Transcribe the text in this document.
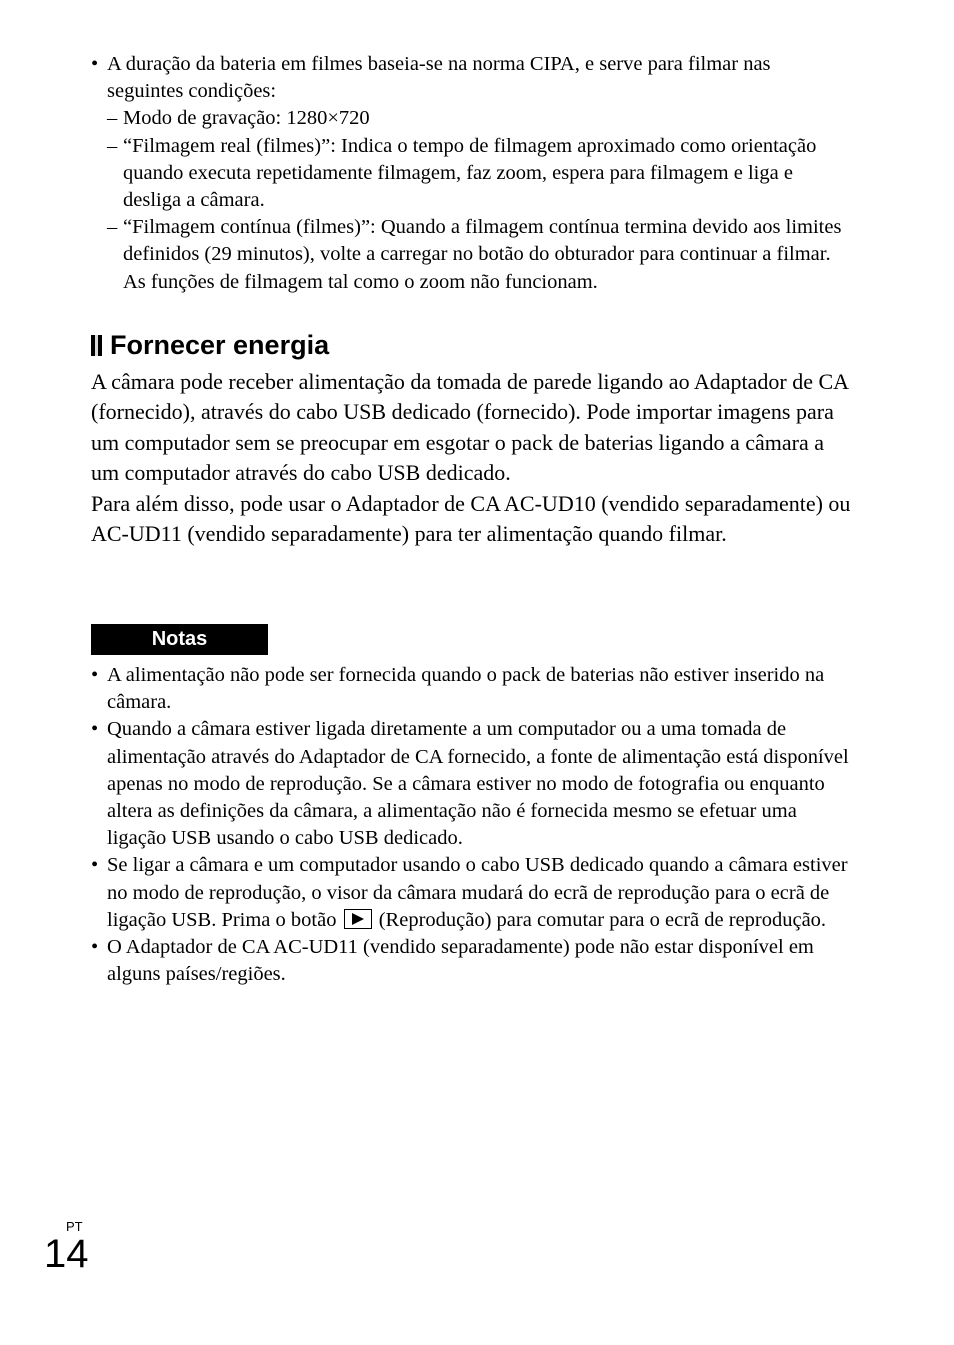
• A duração da bateria em filmes baseia-se na norma CIPA, e serve para filmar nas seguintes condições:
– Modo de gravação: 1280×720
– “Filmagem real (filmes)”: Indica o tempo de filmagem aproximado como orientação quando executa repetidamente filmagem, faz zoom, espera para filmagem e liga e desliga a câmara.
– “Filmagem contínua (filmes)”: Quando a filmagem contínua termina devido aos limites definidos (29 minutos), volte a carregar no botão do obturador para continuar a filmar. As funções de filmagem tal como o zoom não funcionam.
Fornecer energia
A câmara pode receber alimentação da tomada de parede ligando ao Adaptador de CA (fornecido), através do cabo USB dedicado (fornecido). Pode importar imagens para um computador sem se preocupar em esgotar o pack de baterias ligando a câmara a um computador através do cabo USB dedicado.
Para além disso, pode usar o Adaptador de CA AC-UD10 (vendido separadamente) ou AC-UD11 (vendido separadamente) para ter alimentação quando filmar.
Notas
• A alimentação não pode ser fornecida quando o pack de baterias não estiver inserido na câmara.
• Quando a câmara estiver ligada diretamente a um computador ou a uma tomada de alimentação através do Adaptador de CA fornecido, a fonte de alimentação está disponível apenas no modo de reprodução. Se a câmara estiver no modo de fotografia ou enquanto altera as definições da câmara, a alimentação não é fornecida mesmo se efetuar uma ligação USB usando o cabo USB dedicado.
• Se ligar a câmara e um computador usando o cabo USB dedicado quando a câmara estiver no modo de reprodução, o visor da câmara mudará do ecrã de reprodução para o ecrã de ligação USB. Prima o botão (Reprodução) para comutar para o ecrã de reprodução.
• O Adaptador de CA AC-UD11 (vendido separadamente) pode não estar disponível em alguns países/regiões.
PT
14
